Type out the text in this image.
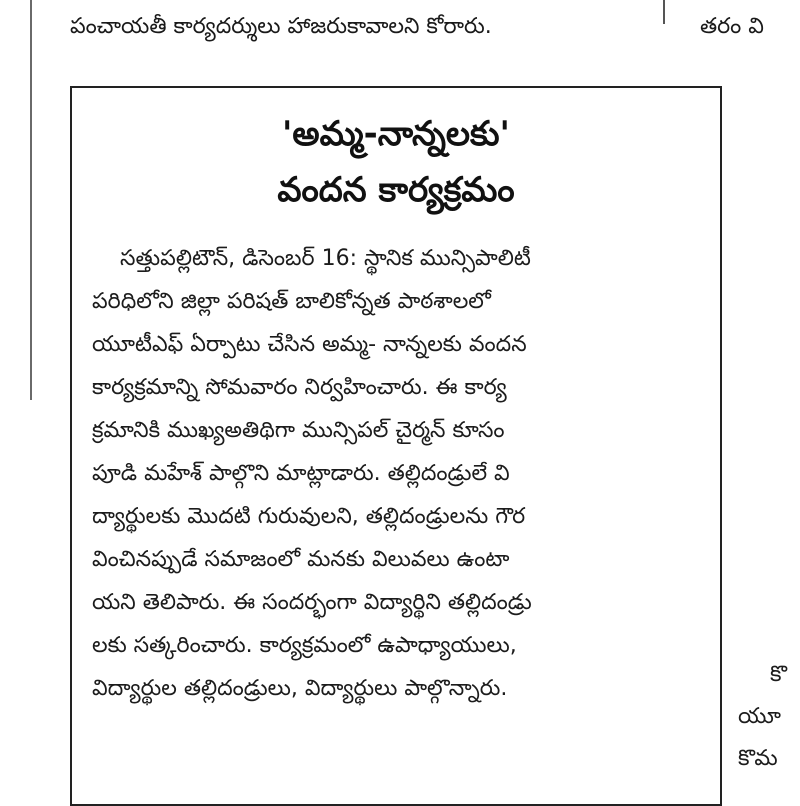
పంచాయతీ కార్యదర్శులు హాజరుకావాలని కోరారు.	తరం వి
'అమ్మ-నాన్నలకు'
వందన కార్యక్రమం
సత్తుపల్లిటౌన్, డిసెంబర్ 16: స్థానిక మున్సిపాలిటీ
పరిధిలోని జిల్లా పరిషత్ బాలికోన్నత పాఠశాలలో
యూటీఎఫ్ ఏర్పాటు చేసిన అమ్మ- నాన్నలకు వందన
కార్యక్రమాన్ని సోమవారం నిర్వహించారు. ఈ కార్య
క్రమానికి ముఖ్యఅతిథిగా మున్సిపల్ చైర్మన్ కూసం
పూడి మహేశ్ పాల్గొని మాట్లాడారు. తల్లిదండ్రులే వి
ద్యార్థులకు మొదటి గురువులని, తల్లిదండ్రులను గౌర
వించినప్పుడే సమాజంలో మనకు విలువలు ఉంటా
యని తెలిపారు. ఈ సందర్భంగా విద్యార్థిని తల్లిదండ్రు
లకు సత్కరించారు. కార్యక్రమంలో ఉపాధ్యాయులు,
విద్యార్థుల తల్లిదండ్రులు, విద్యార్థులు పాల్గొన్నారు.
కొ
యూ
కొమ
